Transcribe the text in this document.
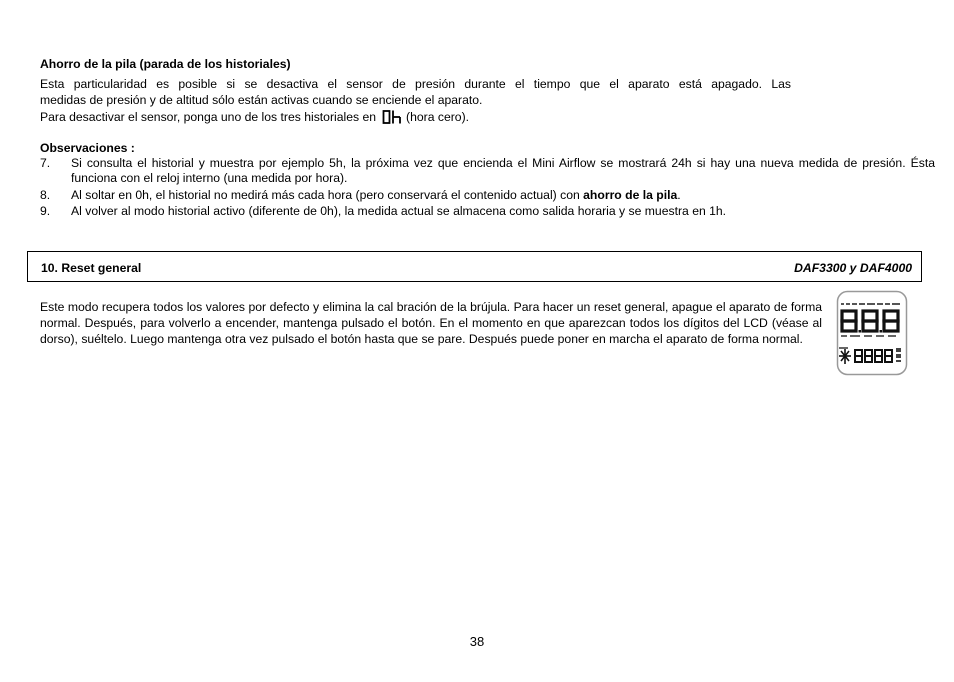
Ahorro de la pila (parada de los historiales)
Esta particularidad es posible si se desactiva el sensor de presión durante el tiempo que el aparato está apagado. Las
medidas de presión y de altitud sólo están activas cuando se enciende el aparato.
Para desactivar el sensor, ponga uno de los tres historiales en (hora cero).
Observaciones :
7. Si consulta el historial y muestra por ejemplo 5h, la próxima vez que encienda el Mini Airflow se mostrará 24h si hay una nueva medida de presión. Ésta funciona con el reloj interno (una medida por hora).

8. Al soltar en 0h, el historial no medirá más cada hora (pero conservará el contenido actual) con ahorro de la pila.

9. Al volver al modo historial activo (diferente de 0h), la medida actual se almacena como salida horaria y se muestra en 1h.

10. Reset general	DAF3300 y DAF4000

Este modo recupera todos los valores por defecto y elimina la cal bración de la brújula. Para hacer un reset general, apague el aparato de forma normal. Después, para volverlo a encender, mantenga pulsado el botón. En el momento en que aparezcan todos los dígitos del LCD (véase al dorso), suéltelo. Luego mantenga otra vez pulsado el botón hasta que se pare. Después puede poner en marcha el aparato de forma normal.

38
